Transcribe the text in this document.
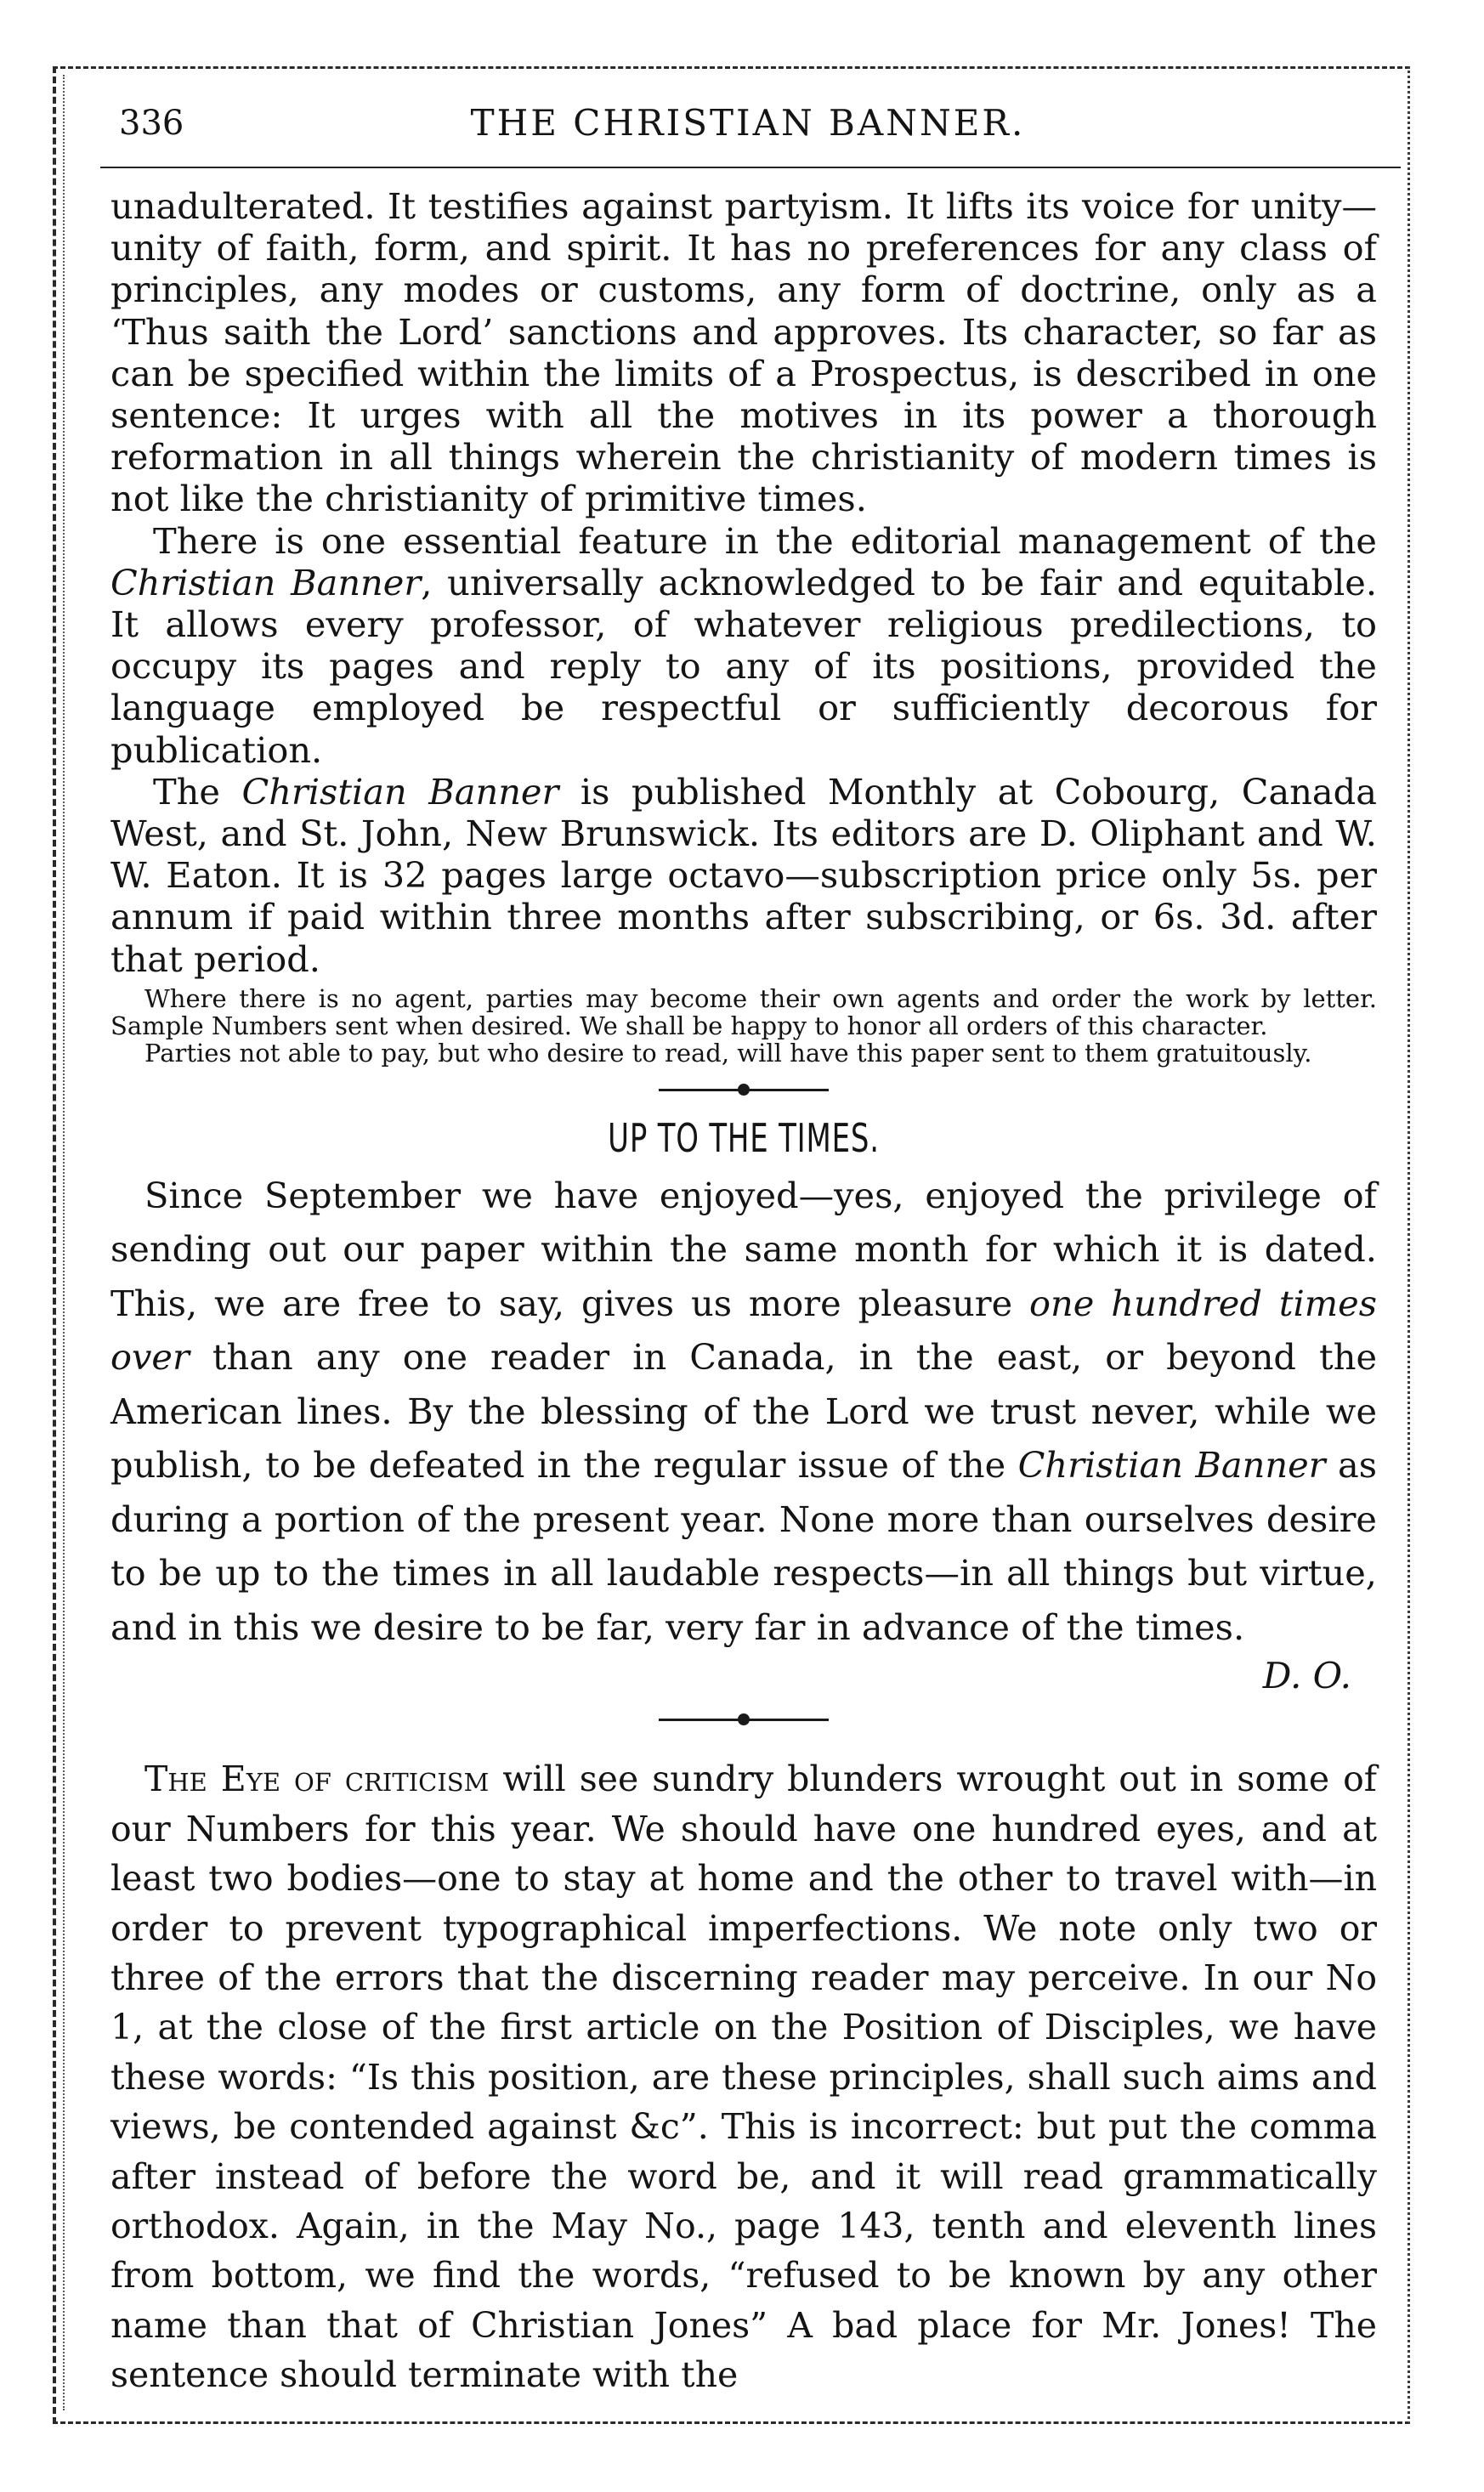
336	THE CHRISTIAN BANNER.

unadulterated. It testifies against partyism. It lifts its voice for unity—unity of faith, form, and spirit. It has no preferences for any class of principles, any modes or customs, any form of doctrine, only as a ‘Thus saith the Lord’ sanctions and approves. Its character, so far as can be specified within the limits of a Prospectus, is described in one sentence: It urges with all the motives in its power a thorough reformation in all things wherein the christianity of modern times is not like the christianity of primitive times.

There is one essential feature in the editorial management of the Christian Banner, universally acknowledged to be fair and equitable. It allows every professor, of whatever religious predilections, to occupy its pages and reply to any of its positions, provided the language employed be respectful or sufficiently decorous for publication.

The Christian Banner is published Monthly at Cobourg, Canada West, and St. John, New Brunswick. Its editors are D. Oliphant and W. W. Eaton. It is 32 pages large octavo—subscription price only 5s. per annum if paid within three months after subscribing, or 6s. 3d. after that period.

Where there is no agent, parties may become their own agents and order the work by letter. Sample Numbers sent when desired. We shall be happy to honor all orders of this character.

Parties not able to pay, but who desire to read, will have this paper sent to them gratuitously.

UP TO THE TIMES.

Since September we have enjoyed—yes, enjoyed the privilege of sending out our paper within the same month for which it is dated. This, we are free to say, gives us more pleasure one hundred times over than any one reader in Canada, in the east, or beyond the American lines. By the blessing of the Lord we trust never, while we publish, to be defeated in the regular issue of the Christian Banner as during a portion of the present year. None more than ourselves desire to be up to the times in all laudable respects—in all things but virtue, and in this we desire to be far, very far in advance of the times.

D. O.

The Eye of criticism will see sundry blunders wrought out in some of our Numbers for this year. We should have one hundred eyes, and at least two bodies—one to stay at home and the other to travel with—in order to prevent typographical imperfections. We note only two or three of the errors that the discerning reader may perceive. In our No 1, at the close of the first article on the Position of Disciples, we have these words: “Is this position, are these principles, shall such aims and views, be contended against &c”. This is incorrect: but put the comma after instead of before the word be, and it will read grammatically orthodox. Again, in the May No., page 143, tenth and eleventh lines from bottom, we find the words, “refused to be known by any other name than that of Christian Jones” A bad place for Mr. Jones! The sentence should terminate with the
